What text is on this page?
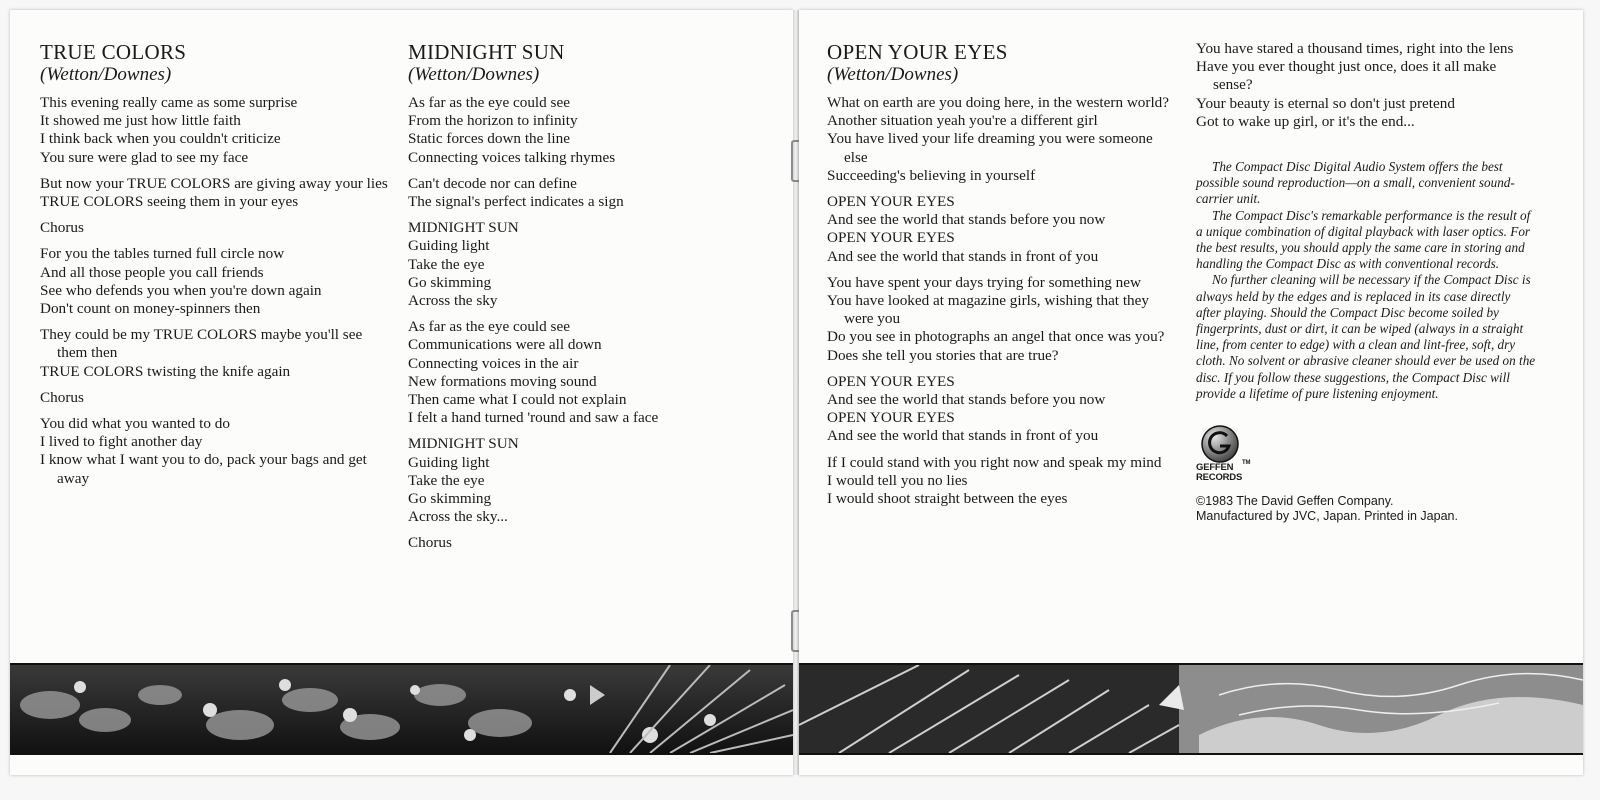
TRUE COLORS
(Wetton/Downes)

This evening really came as some surprise

It showed me just how little faith

I think back when you couldn't criticize

You sure were glad to see my face

But now your TRUE COLORS are giving away your lies

TRUE COLORS seeing them in your eyes

Chorus

For you the tables turned full circle now

And all those people you call friends

See who defends you when you're down again

Don't count on money-spinners then

They could be my TRUE COLORS maybe you'll see them then

TRUE COLORS twisting the knife again

Chorus

You did what you wanted to do

I lived to fight another day

I know what I want you to do, pack your bags and get away

MIDNIGHT SUN
(Wetton/Downes)

As far as the eye could see

From the horizon to infinity

Static forces down the line

Connecting voices talking rhymes

Can't decode nor can define

The signal's perfect indicates a sign

MIDNIGHT SUN

Guiding light

Take the eye

Go skimming

Across the sky

As far as the eye could see

Communications were all down

Connecting voices in the air

New formations moving sound

Then came what I could not explain

I felt a hand turned 'round and saw a face

MIDNIGHT SUN

Guiding light

Take the eye

Go skimming

Across the sky...

Chorus

OPEN YOUR EYES
(Wetton/Downes)

What on earth are you doing here, in the western world?

Another situation yeah you're a different girl

You have lived your life dreaming you were someone else

Succeeding's believing in yourself

OPEN YOUR EYES

And see the world that stands before you now

OPEN YOUR EYES

And see the world that stands in front of you

You have spent your days trying for something new

You have looked at magazine girls, wishing that they were you

Do you see in photographs an angel that once was you?

Does she tell you stories that are true?

OPEN YOUR EYES

And see the world that stands before you now

OPEN YOUR EYES

And see the world that stands in front of you

If I could stand with you right now and speak my mind

I would tell you no lies

I would shoot straight between the eyes

You have stared a thousand times, right into the lens

Have you ever thought just once, does it all make sense?

Your beauty is eternal so don't just pretend

Got to wake up girl, or it's the end...

The Compact Disc Digital Audio System offers the best possible sound reproduction—on a small, convenient sound-carrier unit.

The Compact Disc's remarkable performance is the result of a unique combination of digital playback with laser optics. For the best results, you should apply the same care in storing and handling the Compact Disc as with conventional records.

No further cleaning will be necessary if the Compact Disc is always held by the edges and is replaced in its case directly after playing. Should the Compact Disc become soiled by fingerprints, dust or dirt, it can be wiped (always in a straight line, from center to edge) with a clean and lint-free, soft, dry cloth. No solvent or abrasive cleaner should ever be used on the disc. If you follow these suggestions, the Compact Disc will provide a lifetime of pure listening enjoyment.

GEFFEN
RECORDS
TM
©1983 The David Geffen Company.
Manufactured by JVC, Japan. Printed in Japan.
